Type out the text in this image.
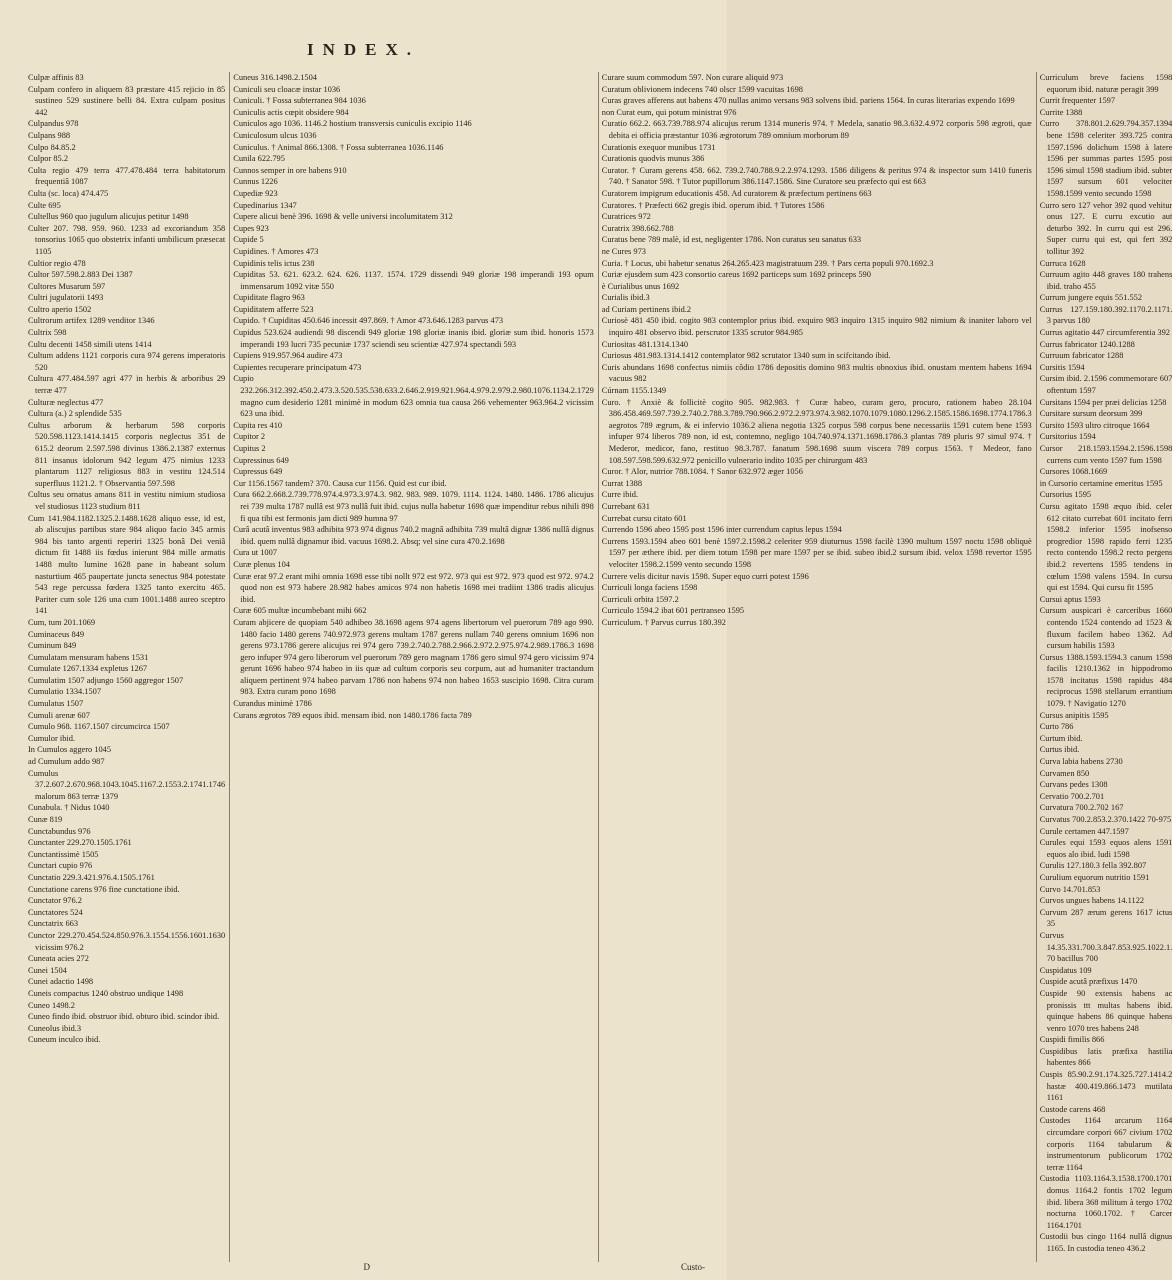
INDEX.

Culpæ affinis 83

Culpam confero in aliquem 83 præstare 415 rejicio in 85 sustineo 529 sustinere belli 84. Extra culpam positus 442

Culpandus 978

Culpans 988

Culpo 84.85.2

Culpor 85.2

Culta regio 479 terra 477.478.484 terra habitatorum frequentiâ 1087

Culta (sc. loca) 474.475

Culte 695

Cultellus 960 quo jugulum alicujus petitur 1498

Culter 207. 798. 959. 960. 1233 ad excoriandum 358 tonsorius 1065 quo obstetrix infanti umbilicum præsecat 1105

Cultior regio 478

Cultor 597.598.2.883 Dei 1387

Cultores Musarum 597

Cultri jugulatorii 1493

Cultro aperio 1502

Cultrorum artifex 1289 venditor 1346

Cultrix 598

Cultu decenti 1458 simili utens 1414

Cultum addens 1121 corporis cura 974 gerens imperatoris 520

Cultura 477.484.597 agri 477 in herbis & arboribus 29 terræ 477

Culturæ neglectus 477

Cultura (a.) 2 splendide 535

Cultus arborum & herbarum 598 corporis 520.598.1123.1414.1415 corporis neglectus 351 de 615.2 deorum 2.597.598 divinus 1386.2.1387 externus 811 insanus idolorum 942 legum 475 nimius 1233 plantarum 1127 religiosus 883 in vestitu 124.514 superfluus 1121.2. † Observantia 597.598

Cultus seu ornatus amans 811 in vestitu nimium studiosa vel studiosus 1123 studium 811

Cum 141.984.1182.1325.2.1488.1628 aliquo esse, id est, ab aliscujus partibus stare 984 aliquo facio 345 armis 984 bis tanto argenti reperiri 1325 bonâ Dei veniâ dictum fit 1488 iis fœdus inierunt 984 mille armatis 1488 multo lumine 1628 pane in habeant solum nasturtium 465 paupertate juncta senectus 984 potestate 543 rege percussa fœdera 1325 tanto exercitu 465. Pariter cum sole 126 una cum 1001.1488 aureo sceptro 141

Cum, tum 201.1069

Cuminaceus 849

Cuminum 849

Cumulatam mensuram habens 1531

Cumulate 1267.1334 expletus 1267

Cumulatim 1507 adjungo 1560 aggregor 1507

Cumulatio 1334.1507

Cumulatus 1507

Cumuli arenæ 607

Cumulo 968. 1167.1507 circumcirca 1507

Cumulor ibid.

In Cumulos aggero 1045

ad Cumulum addo 987

Cumulus 37.2.607.2.670.968.1043.1045.1167.2.1553.2.1741.1746 malorum 863 terræ 1379

Cunabula. † Nidus 1040

Cunæ 819

Cunctabundus 976

Cunctanter 229.270.1505.1761

Cunctantissimè 1505

Cunctari cupio 976

Cunctatio 229.3.421.976.4.1505.1761

Cunctatione carens 976 fine cunctatione ibid.

Cunctator 976.2

Cunctatores 524

Cunctatrix 663

Cunctor 229.270.454.524.850.976.3.1554.1556.1601.1630 vicissim 976.2

Cuneata acies 272

Cunei 1504

Cunei adactio 1498

Cuneis compactus 1240 obstruo undique 1498

Cuneo 1498.2

Cuneo findo ibid. obstruor ibid. obturo ibid. scindor ibid.

Cuneolus ibid.3

Cuneum inculco ibid.

Cuneus 316.1498.2.1504

Cuniculi seu cloacæ instar 1036

Cuniculi. † Fossa subterranea 984 1036

Cuniculis actis cœpit obsidere 984

Cuniculos ago 1036. 1146.2 hostium transversis cuniculis excipio 1146

Cuniculosum ulcus 1036

Cuniculus. † Animal 866.1308. † Fossa subterranea 1036.1146

Cunila 622.795

Cunnos semper in ore habens 910

Cunnus 1226

Cupediæ 923

Cupedinarius 1347

Cupere alicui benè 396. 1698 & velle universi incolumitatem 312

Cupes 923

Cupide 5

Cupidines. † Amores 473

Cupidinis telis ictus 238

Cupiditas 53. 621. 623.2. 624. 626. 1137. 1574. 1729 dissendi 949 gloriæ 198 imperandi 193 opum immensarum 1092 vitæ 550

Cupiditate flagro 963

Cupiditatem afferre 523

Cupido. † Cupiditas 450.646 incessit 497.869. † Amor 473.646.1283 parvus 473

Cupidus 523.624 audiendi 98 discendi 949 gloriæ 198 gloriæ inanis ibid. gloriæ sum ibid. honoris 1573 imperandi 193 lucri 735 pecuniæ 1737 sciendi seu scientiæ 427.974 spectandi 593

Cupiens 919.957.964 audire 473

Cupientes recuperare principatum 473

Cupio 232.266.312.392.450.2.473.3.520.535.538.633.2.646.2.919.921.964.4.979.2.979.2.980.1076.1134.2.1729 magno cum desiderio 1281 minimè in modum 623 omnia tua causa 266 vehementer 963.964.2 vicissim 623 una ibid.

Cupita res 410

Cupitor 2

Cupitus 2

Cupressinus 649

Cupressus 649

Cur 1156.1567 tandem? 370. Causa cur 1156. Quid est cur ibid.

Cura 662.2.668.2.739.778.974.4.973.3.974.3. 982. 983. 989. 1079. 1114. 1124. 1480. 1486. 1786 alicujus rei 739 multa 1787 nullâ est 973 nullâ fuit ibid. cujus nulla habetur 1698 quæ impenditur rebus nihili 898 fi qua tibi est fermonis jam dicti 989 humna 97

Curâ acutâ inventus 983 adhibita 973 974 dignus 740.2 magnâ adhibita 739 multâ dignæ 1386 nullâ dignus ibid. quem nullâ dignamur ibid. vacuus 1698.2. Absq; vel sine cura 470.2.1698

Cura ut 1007

Curæ plenus 104

Curæ erat 97.2 erant mihi omnia 1698 esse tibi nollt 972 est 972. 973 qui est 972. 973 quod est 972. 974.2 quod non est 973 habere 28.982 habes amicos 974 non habetis 1698 mei tradiint 1386 tradis alicujus ibid.

Curæ 605 multæ incumbebant mihi 662

Curam abjicere de quopiam 540 adhibeo 38.1698 agens 974 agens libertorum vel puerorum 789 ago 990. 1480 facio 1480 gerens 740.972.973 gerens multam 1787 gerens nullam 740 gerens omnium 1696 non gerens 973.1786 gerere alicujus rei 974 gero 739.2.740.2.788.2.966.2.972.2.975.974.2.989.1786.3 1698 gero infuper 974 gero liberorum vel puerorum 789 gero magnam 1786 gero simul 974 gero vicissim 974 gerunt 1696 habeo 974 habeo in iis quæ ad cultum corporis seu corpum, aut ad humaniter tractandum aliquem pertinent 974 habeo parvam 1786 non habens 974 non habeo 1653 suscipio 1698. Citra curam 983. Extra curam pono 1698

Curandus minimè 1786

Curans ægrotos 789 equos ibid. mensam ibid. non 1480.1786 facta 789

Curare suum commodum 597. Non curare aliquid 973

Curatum oblivionem indecens 740 olscr 1599 vacuitas 1698

Curas graves afferens aut habens 470 nullas animo versans 983 solvens ibid. pariens 1564. In curas literarias expendo 1699

non Curat eum, qui potum ministrat 976

Curatio 662.2. 663.739.788.974 alicujus rerum 1314 muneris 974. † Medela, sanatio 98.3.632.4.972 corporis 598 ægroti, quæ debita ei officia præstantur 1036 ægrotorum 789 omnium morborum 89

Curationis exequor munibus 1731

Curationis quodvis munus 386

Curator. † Curam gerens 458. 662. 739.2.740.788.9.2.2.974.1293. 1586 diligens & peritus 974 & inspector sum 1410 funeris 740. † Sanator 598. † Tutor pupillorum 386.1147.1586. Sine Curatore seu præfecto qui est 663

Curatorem impigrum educationis 458. Ad curatorem & præfectum pertinens 663

Curatores. † Præfecti 662 gregis ibid. operum ibid. † Tutores 1586

Curatrices 972

Curatrix 398.662.788

Curatus bene 789 malè, id est, negligenter 1786. Non curatus seu sanatus 633

ne Cures 973

Curia. † Locus, ubi habetur senatus 264.265.423 magistratuum 239. † Pars certa populi 970.1692.3

Curiæ ejusdem sum 423 consortio careus 1692 particeps sum 1692 princeps 590

è Curialibus unus 1692

Curialis ibid.3

ad Curiam pertinens ibid.2

Curiosè 481 450 ibid. cogito 983 contemplor prius ibid. exquiro 983 inquiro 1315 inquiro 982 nimium & inaniter laboro vel inquiro 481 observo ibid. perscrutor 1335 scrutor 984.985

Curiositas 481.1314.1340

Curiosus 481.983.1314.1412 contemplator 982 scrutator 1340 sum in scifcitando ibid.

Curis abundans 1698 confectus nimiis côdio 1786 depositis domino 983 multis obnoxius ibid. onustam mentem habens 1694 vacuus 982

Cúrnam 1155.1349

Curo. † Anxiè & follicitè cogito 905. 982.983. † Curæ habeo, curam gero, procuro, rationem habeo 28.104 386.458.469.597.739.2.740.2.788.3.789.790.966.2.972.2.973.974.3.982.1070.1079.1080.1296.2.1585.1586.1698.1774.1786.3 aegrotos 789 ægrum, & ei infervio 1036.2 aliena negotia 1325 corpus 598 corpus bene necessariis 1591 cutem bene 1593 infuper 974 liberos 789 non, id est, contemno, negligo 104.740.974.1371.1698.1786.3 plantas 789 pluris 97 simul 974. † Mederor, medicor, fano, restituo 98.3.787. fanatum 598.1698 suum viscera 789 corpus 1563. † Medeor, fano 108.597.598.599.632.972 penicillo vulnerario indito 1035 per chirurgum 483

Curor. † Alor, nutrior 788.1084. † Sanor 632.972 æger 1056

Currat 1388

Curre ibid.

Currebant 631

Currebat cursu citato 601

Currendo 1596 abeo 1595 post 1596 inter currendum captus lepus 1594

Currens 1593.1594 abeo 601 benè 1597.2.1598.2 celeriter 959 diuturnus 1598 facilè 1390 multum 1597 noctu 1598 obliquè 1597 per æthere ibid. per diem totum 1598 per mare 1597 per se ibid. subeo ibid.2 sursum ibid. velox 1598 revertor 1595 velociter 1598.2.1599 vento secundo 1598

Currere velis dicitur navis 1598. Super equo curri potest 1596

Curriculi longa faciens 1598

Curriculi orbita 1597.2

Curriculo 1594.2 ibat 601 pertranseo 1595

Curriculum. † Parvus currus 180.392

Curriculum breve faciens 1598 equorum ibid. naturæ peragit 399

Currit frequenter 1597

Currite 1388

Curro 378.801.2.629.794.357.1394 bene 1598 celeriter 393.725 contra 1597.1596 dolichum 1598 à latere 1596 per summas partes 1595 post 1596 simul 1598 stadium ibid. subter 1597 sursum 601 velociter 1598.1599 vento secundo 1598

Curro sero 127 vehor 392 quod vehitur onus 127. E curru excutio aut deturbo 392. In curru qui est 296. Super curru qui est, qui fert 392 tollitur 392

Currucа 1628

Curruum agito 448 graves 180 trahens ibid. traho 455

Currum jungere equis 551.552

Currus 127.159.180.392.1170.2.1171. 3 parvus 180

Currus agitatio 447 circumferentia 392

Currus fabricator 1240.1288

Curruum fabricator 1288

Cursitis 1594

Cursim ibid. 2.1596 commemorare 607 oftentum 1597

Cursitans 1594 per præi delicias 1258

Cursitare sursum deorsum 399

Cursito 1593 ultro citroque 1664

Cursitorius 1594

Cursor 218.1593.1594.2.1596.1598 currens cum vento 1597 fum 1598

Cursores 1068.1669

in Cursorio certamine emeritus 1595

Cursorius 1595

Cursu agitato 1598 æquo ibid. celer 612 citato currebat 601 incitato ferri 1598.2 inferior 1595 inofsenso progredior 1598 rapido ferri 1235 recto contendo 1598.2 recto pergens ibid.2 revertens 1595 tendens in cœlum 1598 valens 1594. In cursu qui est 1594. Qui cursu fit 1595

Cursui aptus 1593

Cursum auspicari è carceribus 1660 contendo 1524 contendo ad 1523 & fluxum facilem habeo 1362. Ad cursum habilis 1593

Cursus 1388.1593.1594.3 canum 1598 facilis 1210.1362 in hippodromo 1578 incitatus 1598 rapidus 484 reciprocus 1598 stellarum errantium 1079. † Navigatio 1270

Cursus anipitis 1595

Curto 786

Curtum ibid.

Curtus ibid.

Curva labia habens 2730

Curvamen 850

Curvans pedes 1308

Cervatio 700.2.701

Curvatura 700.2.702 167

Curvatus 700.2.853.2.370.1422 70-975

Curule certamen 447.1597

Curules equi 1593 equos alens 1591 equos alo ibid. ludi 1598

Curulis 127.180.3 fella 392.807

Curulium equorum nutritio 1591

Curvo 14.701.853

Curvos ungues habens 14.1122

Curvum 287 ærum gerens 1617 ictus 35

Curvus 14.35.331.700.3.847.853.925.1022.1. 70 bacillus 700

Cuspidatus 109

Cuspide acutâ præfixus 1470

Cuspide 90 extensis habens ac pronissis ttt multas habens ibid. quinque habens 86 quinque habens venro 1070 tres habens 248

Cuspidi fimilis 866

Cuspidibus latis præfixa hastilia habentes 866

Cuspis 85.90.2.91.174.325.727.1414.2 hastæ 400.419.866.1473 mutilata 1161

Custode carens 468

Custodes 1164 arcarum 1164 circumdare corpori 667 civium 1702 corporis 1164 tabularum & instrumentorum publicorum 1702 terræ 1164

Custodia 1103.1164.3.1538.1700.1701 domus 1164.2 fontis 1702 legum ibid. libera 368 militum à tergo 1702 nocturna 1060.1702. † Carcer 1164.1701

Custodii bus cingo 1164 nullâ dignus 1165. In custodia teneo 436.2

D	Custo-
